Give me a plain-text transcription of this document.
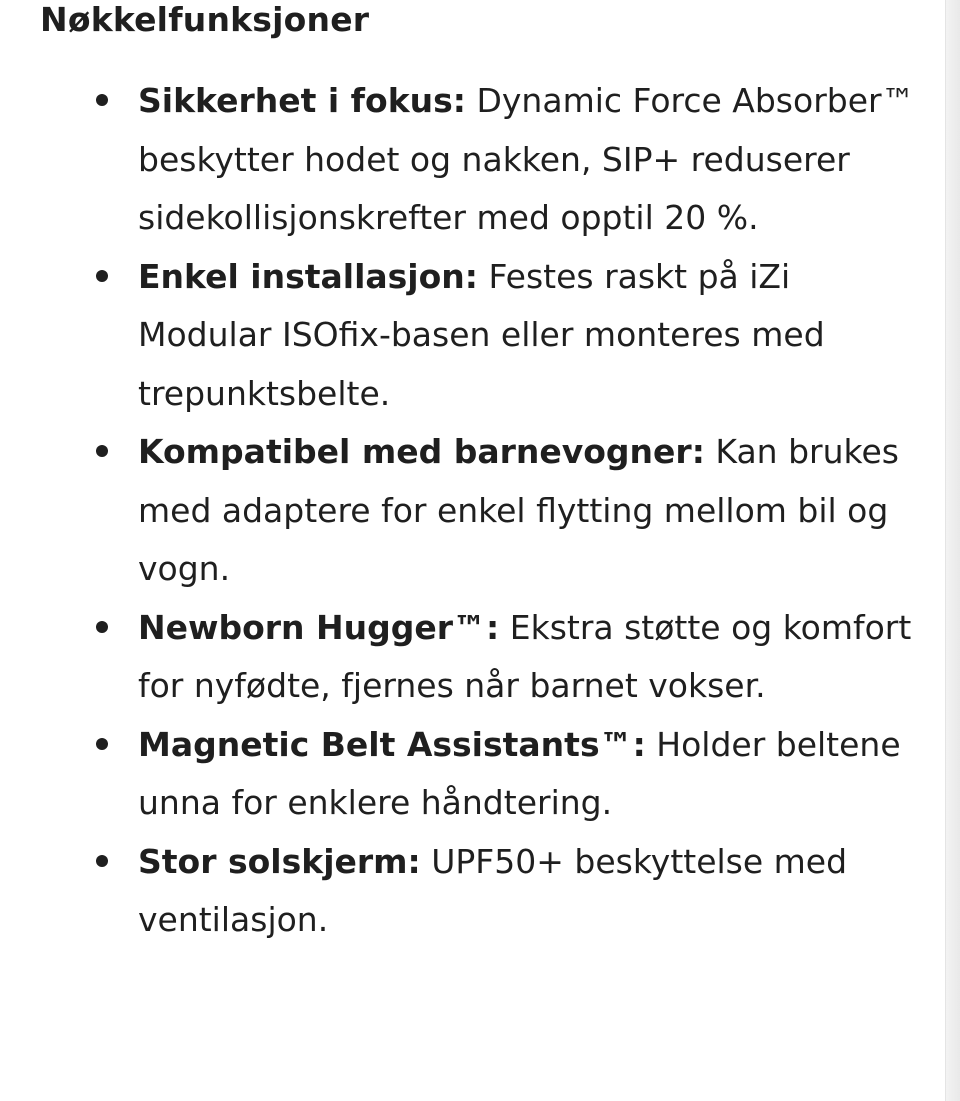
Nøkkelfunksjoner
Sikkerhet i fokus: Dynamic Force Absorber™ beskytter hodet og nakken, SIP+ reduserer sidekollisjonskrefter med opptil 20 %.
Enkel installasjon: Festes raskt på iZi Modular ISOfix-basen eller monteres med trepunktsbelte.
Kompatibel med barnevogner: Kan brukes med adaptere for enkel flytting mellom bil og vogn.
Newborn Hugger™: Ekstra støtte og komfort for nyfødte, fjernes når barnet vokser.
Magnetic Belt Assistants™: Holder beltene unna for enklere håndtering.
Stor solskjerm: UPF50+ beskyttelse med ventilasjon.
